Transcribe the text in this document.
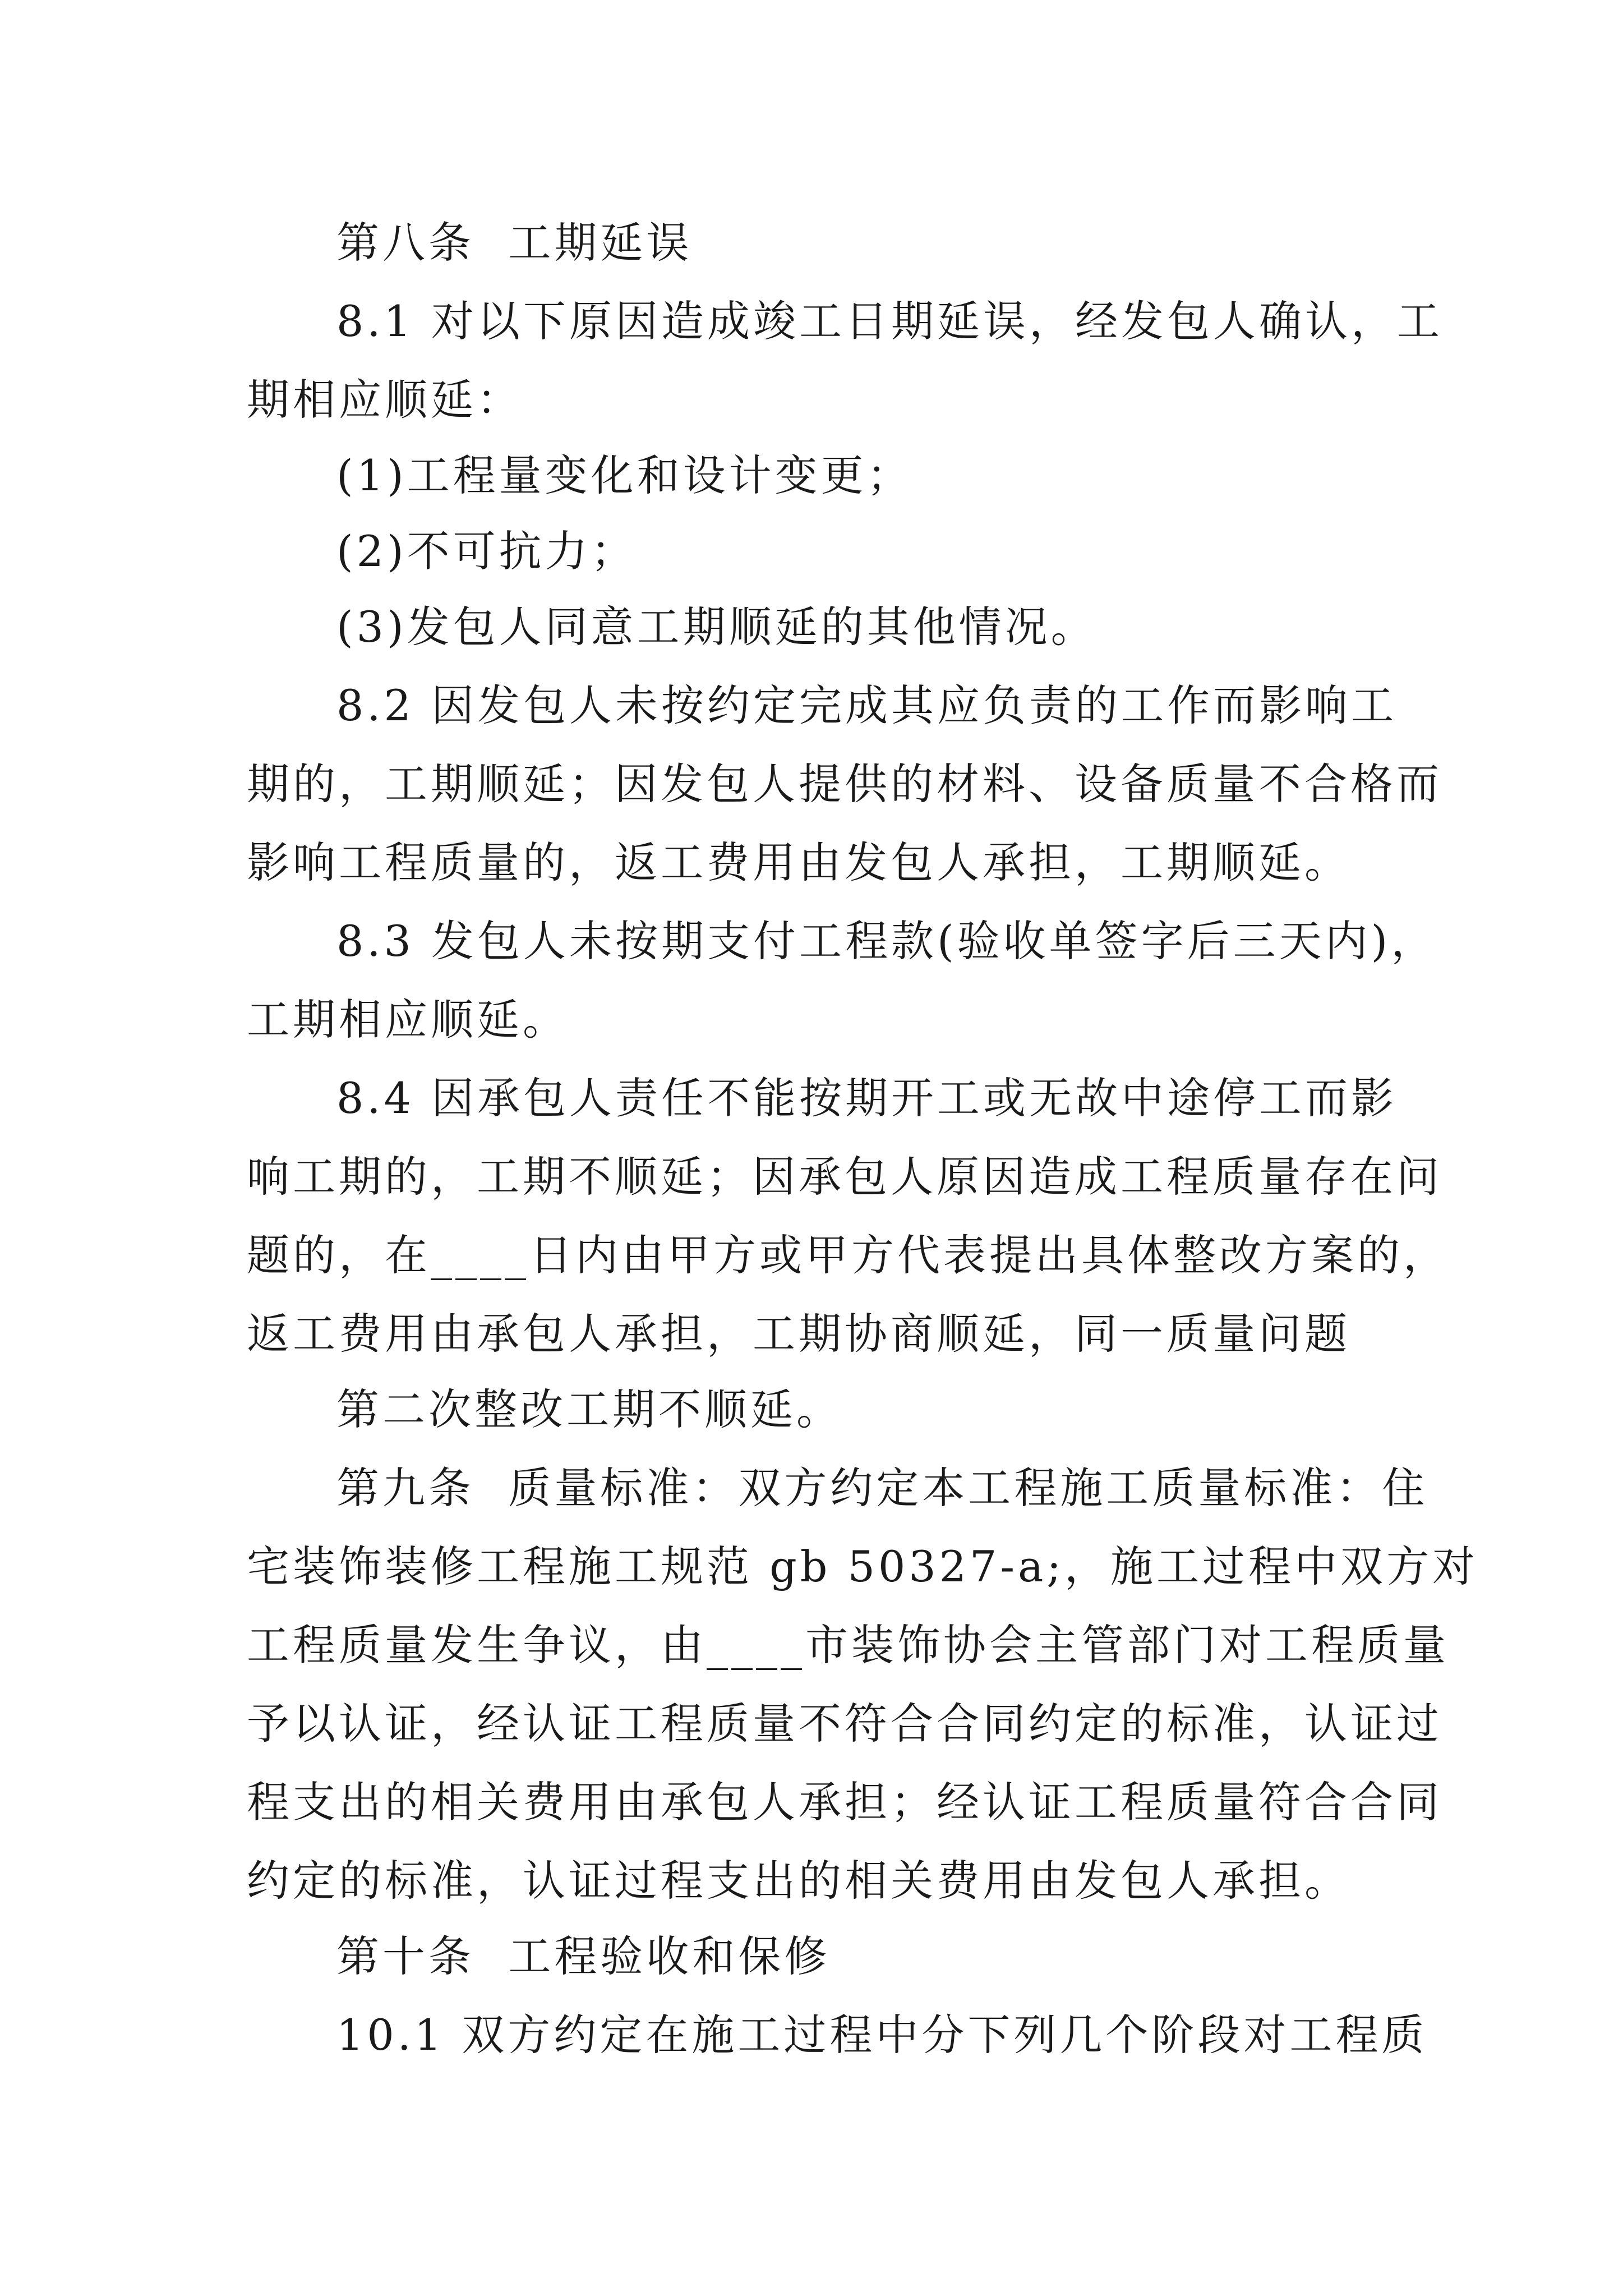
第八条  工期延误
8.1 对以下原因造成竣工日期延误，经发包人确认，工
期相应顺延：
(1)工程量变化和设计变更；
(2)不可抗力；
(3)发包人同意工期顺延的其他情况。
8.2 因发包人未按约定完成其应负责的工作而影响工
期的，工期顺延；因发包人提供的材料、设备质量不合格而
影响工程质量的，返工费用由发包人承担，工期顺延。
8.3 发包人未按期支付工程款(验收单签字后三天内)，
工期相应顺延。
8.4 因承包人责任不能按期开工或无故中途停工而影
响工期的，工期不顺延；因承包人原因造成工程质量存在问
题的，在____日内由甲方或甲方代表提出具体整改方案的，
返工费用由承包人承担，工期协商顺延，同一质量问题
第二次整改工期不顺延。
第九条  质量标准：双方约定本工程施工质量标准：住
宅装饰装修工程施工规范 gb 50327-a;，施工过程中双方对
工程质量发生争议，由____市装饰协会主管部门对工程质量
予以认证，经认证工程质量不符合合同约定的标准，认证过
程支出的相关费用由承包人承担；经认证工程质量符合合同
约定的标准，认证过程支出的相关费用由发包人承担。
第十条  工程验收和保修
10.1 双方约定在施工过程中分下列几个阶段对工程质
